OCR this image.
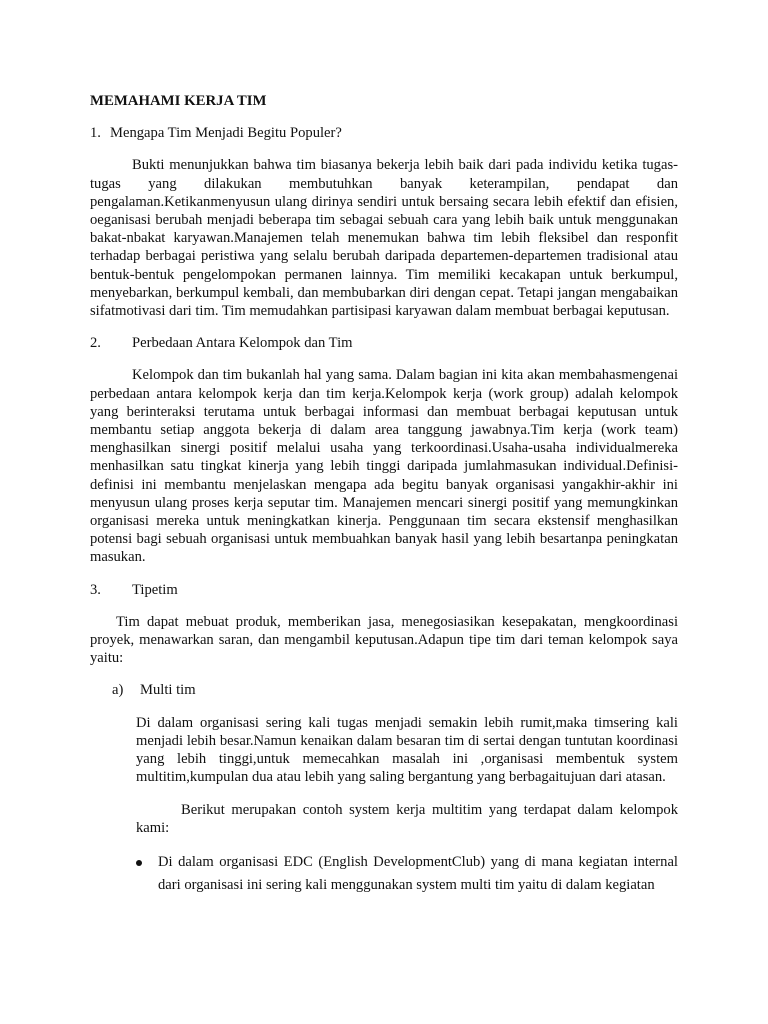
MEMAHAMI KERJA TIM
1. Mengapa Tim Menjadi Begitu Populer?

Bukti menunjukkan bahwa tim biasanya bekerja lebih baik dari pada individu ketika tugas-tugas yang dilakukan membutuhkan banyak keterampilan, pendapat dan pengalaman.Ketikanmenyusun ulang dirinya sendiri untuk bersaing secara lebih efektif dan efisien, oeganisasi berubah menjadi beberapa tim sebagai sebuah cara yang lebih baik untuk menggunakan bakat-nbakat karyawan.Manajemen telah menemukan bahwa tim lebih fleksibel dan responfit terhadap berbagai peristiwa yang selalu berubah daripada departemen-departemen tradisional atau bentuk-bentuk pengelompokan permanen lainnya. Tim memiliki kecakapan untuk berkumpul, menyebarkan, berkumpul kembali, dan membubarkan diri dengan cepat. Tetapi jangan mengabaikan sifatmotivasi dari tim. Tim memudahkan partisipasi karyawan dalam membuat berbagai keputusan.

2.	Perbedaan Antara Kelompok dan Tim

Kelompok dan tim bukanlah hal yang sama. Dalam bagian ini kita akan membahasmengenai perbedaan antara kelompok kerja dan tim kerja.Kelompok kerja (work group) adalah kelompok yang berinteraksi terutama untuk berbagai informasi dan membuat berbagai keputusan untuk membantu setiap anggota bekerja di dalam area tanggung jawabnya.Tim kerja (work team) menghasilkan sinergi positif melalui usaha yang terkoordinasi.Usaha-usaha individualmereka menhasilkan satu tingkat kinerja yang lebih tinggi daripada jumlahmasukan individual.Definisi-definisi ini membantu menjelaskan mengapa ada begitu banyak organisasi yangakhir-akhir ini menyusun ulang proses kerja seputar tim. Manajemen mencari sinergi positif yang memungkinkan organisasi mereka untuk meningkatkan kinerja. Penggunaan tim secara ekstensif menghasilkan potensi bagi sebuah organisasi untuk membuahkan banyak hasil yang lebih besartanpa peningkatan masukan.

3.	Tipetim

Tim dapat mebuat produk, memberikan jasa, menegosiasikan kesepakatan, mengkoordinasi proyek, menawarkan saran, dan mengambil keputusan.Adapun tipe tim dari teman kelompok saya yaitu:

a)	Multi tim

Di dalam organisasi sering kali tugas menjadi semakin lebih rumit,maka timsering kali menjadi lebih besar.Namun kenaikan dalam besaran tim di sertai dengan tuntutan koordinasi yang lebih tinggi,untuk memecahkan masalah ini ,organisasi membentuk system multitim,kumpulan dua atau lebih yang saling bergantung yang berbagaitujuan dari atasan.

Berikut merupakan contoh system kerja multitim yang terdapat dalam kelompok kami:

Di dalam organisasi EDC (English DevelopmentClub) yang di mana kegiatan internal dari organisasi ini sering kali menggunakan system multi tim yaitu di dalam kegiatan
